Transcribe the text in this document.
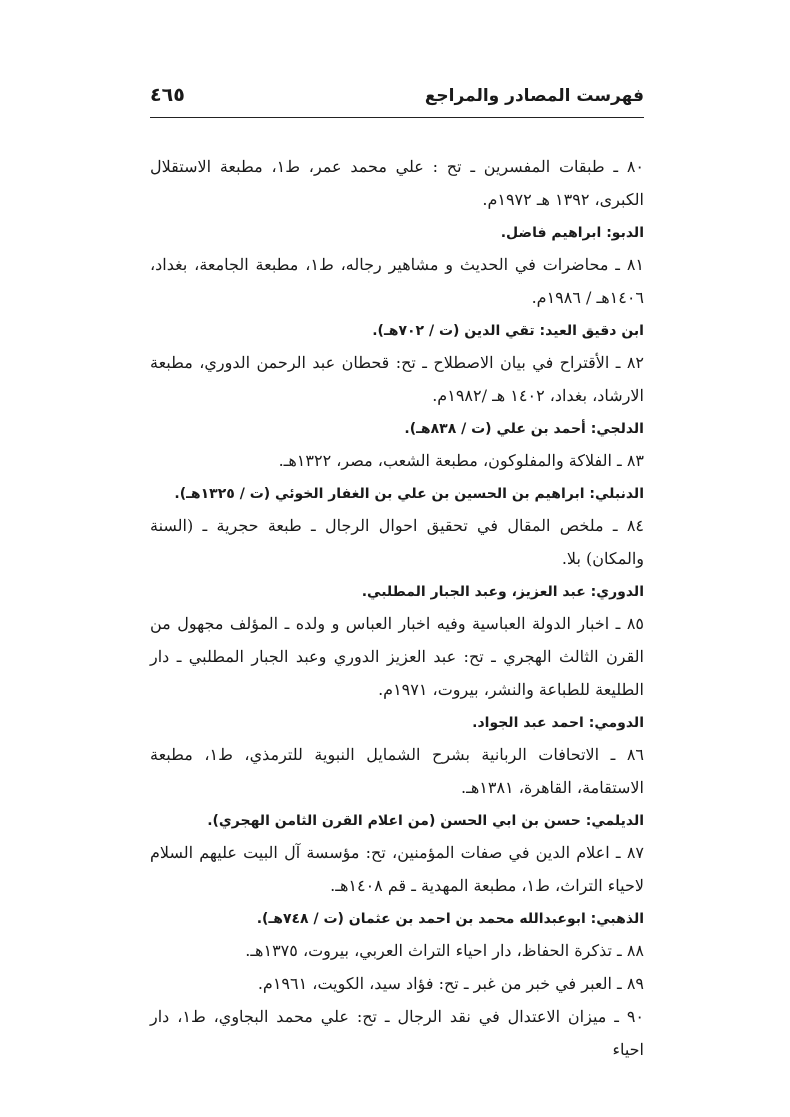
فهرست المصادر والمراجع
٤٦٥

٨٠ ـ طبقات المفسرين ـ تح : علي محمد عمر، ط١، مطبعة الاستقلال الكبرى، ١٣٩٢ هـ ١٩٧٢م.

الدبو: ابراهيم فاضل.

٨١ ـ محاضرات في الحديث و مشاهير رجاله، ط١، مطبعة الجامعة، بغداد، ١٤٠٦هـ / ١٩٨٦م.

ابن دقيق العيد: تقي الدين (ت / ٧٠٢هـ).

٨٢ ـ الأقتراح في بيان الاصطلاح ـ تح: قحطان عبد الرحمن الدوري، مطبعة الارشاد، بغداد، ١٤٠٢ هـ /١٩٨٢م.

الدلجي: أحمد بن علي (ت / ٨٣٨هـ).

٨٣ ـ الفلاكة والمفلوكون، مطبعة الشعب، مصر، ١٣٢٢هـ.

الدنبلي: ابراهيم بن الحسين بن علي بن الغفار الخوئي (ت / ١٣٢٥هـ).

٨٤ ـ ملخص المقال في تحقيق احوال الرجال ـ طبعة حجرية ـ (السنة والمكان) بلا.

الدوري: عبد العزيز، وعبد الجبار المطلبي.

٨٥ ـ اخبار الدولة العباسية وفيه اخبار العباس و ولده ـ المؤلف مجهول من القرن الثالث الهجري ـ تح: عبد العزيز الدوري وعبد الجبار المطلبي ـ دار الطليعة للطباعة والنشر، بيروت، ١٩٧١م.

الدومي: احمد عبد الجواد.

٨٦ ـ الاتحافات الربانية بشرح الشمايل النبوية للترمذي، ط١، مطبعة الاستقامة، القاهرة، ١٣٨١هـ.

الديلمي: حسن بن ابي الحسن (من اعلام القرن الثامن الهجري).

٨٧ ـ اعلام الدين في صفات المؤمنين، تح: مؤسسة آل البيت عليهم السلام لاحياء التراث، ط١، مطبعة المهدية ـ قم ١٤٠٨هـ.

الذهبي: ابوعبدالله محمد بن احمد بن عثمان (ت / ٧٤٨هـ).

٨٨ ـ تذكرة الحفاظ، دار احياء التراث العربي، بيروت، ١٣٧٥هـ.

٨٩ ـ العبر في خبر من غبر ـ تح: فؤاد سيد، الكويت، ١٩٦١م.

٩٠ ـ ميزان الاعتدال في نقد الرجال ـ تح: علي محمد البجاوي، ط١، دار احياء
